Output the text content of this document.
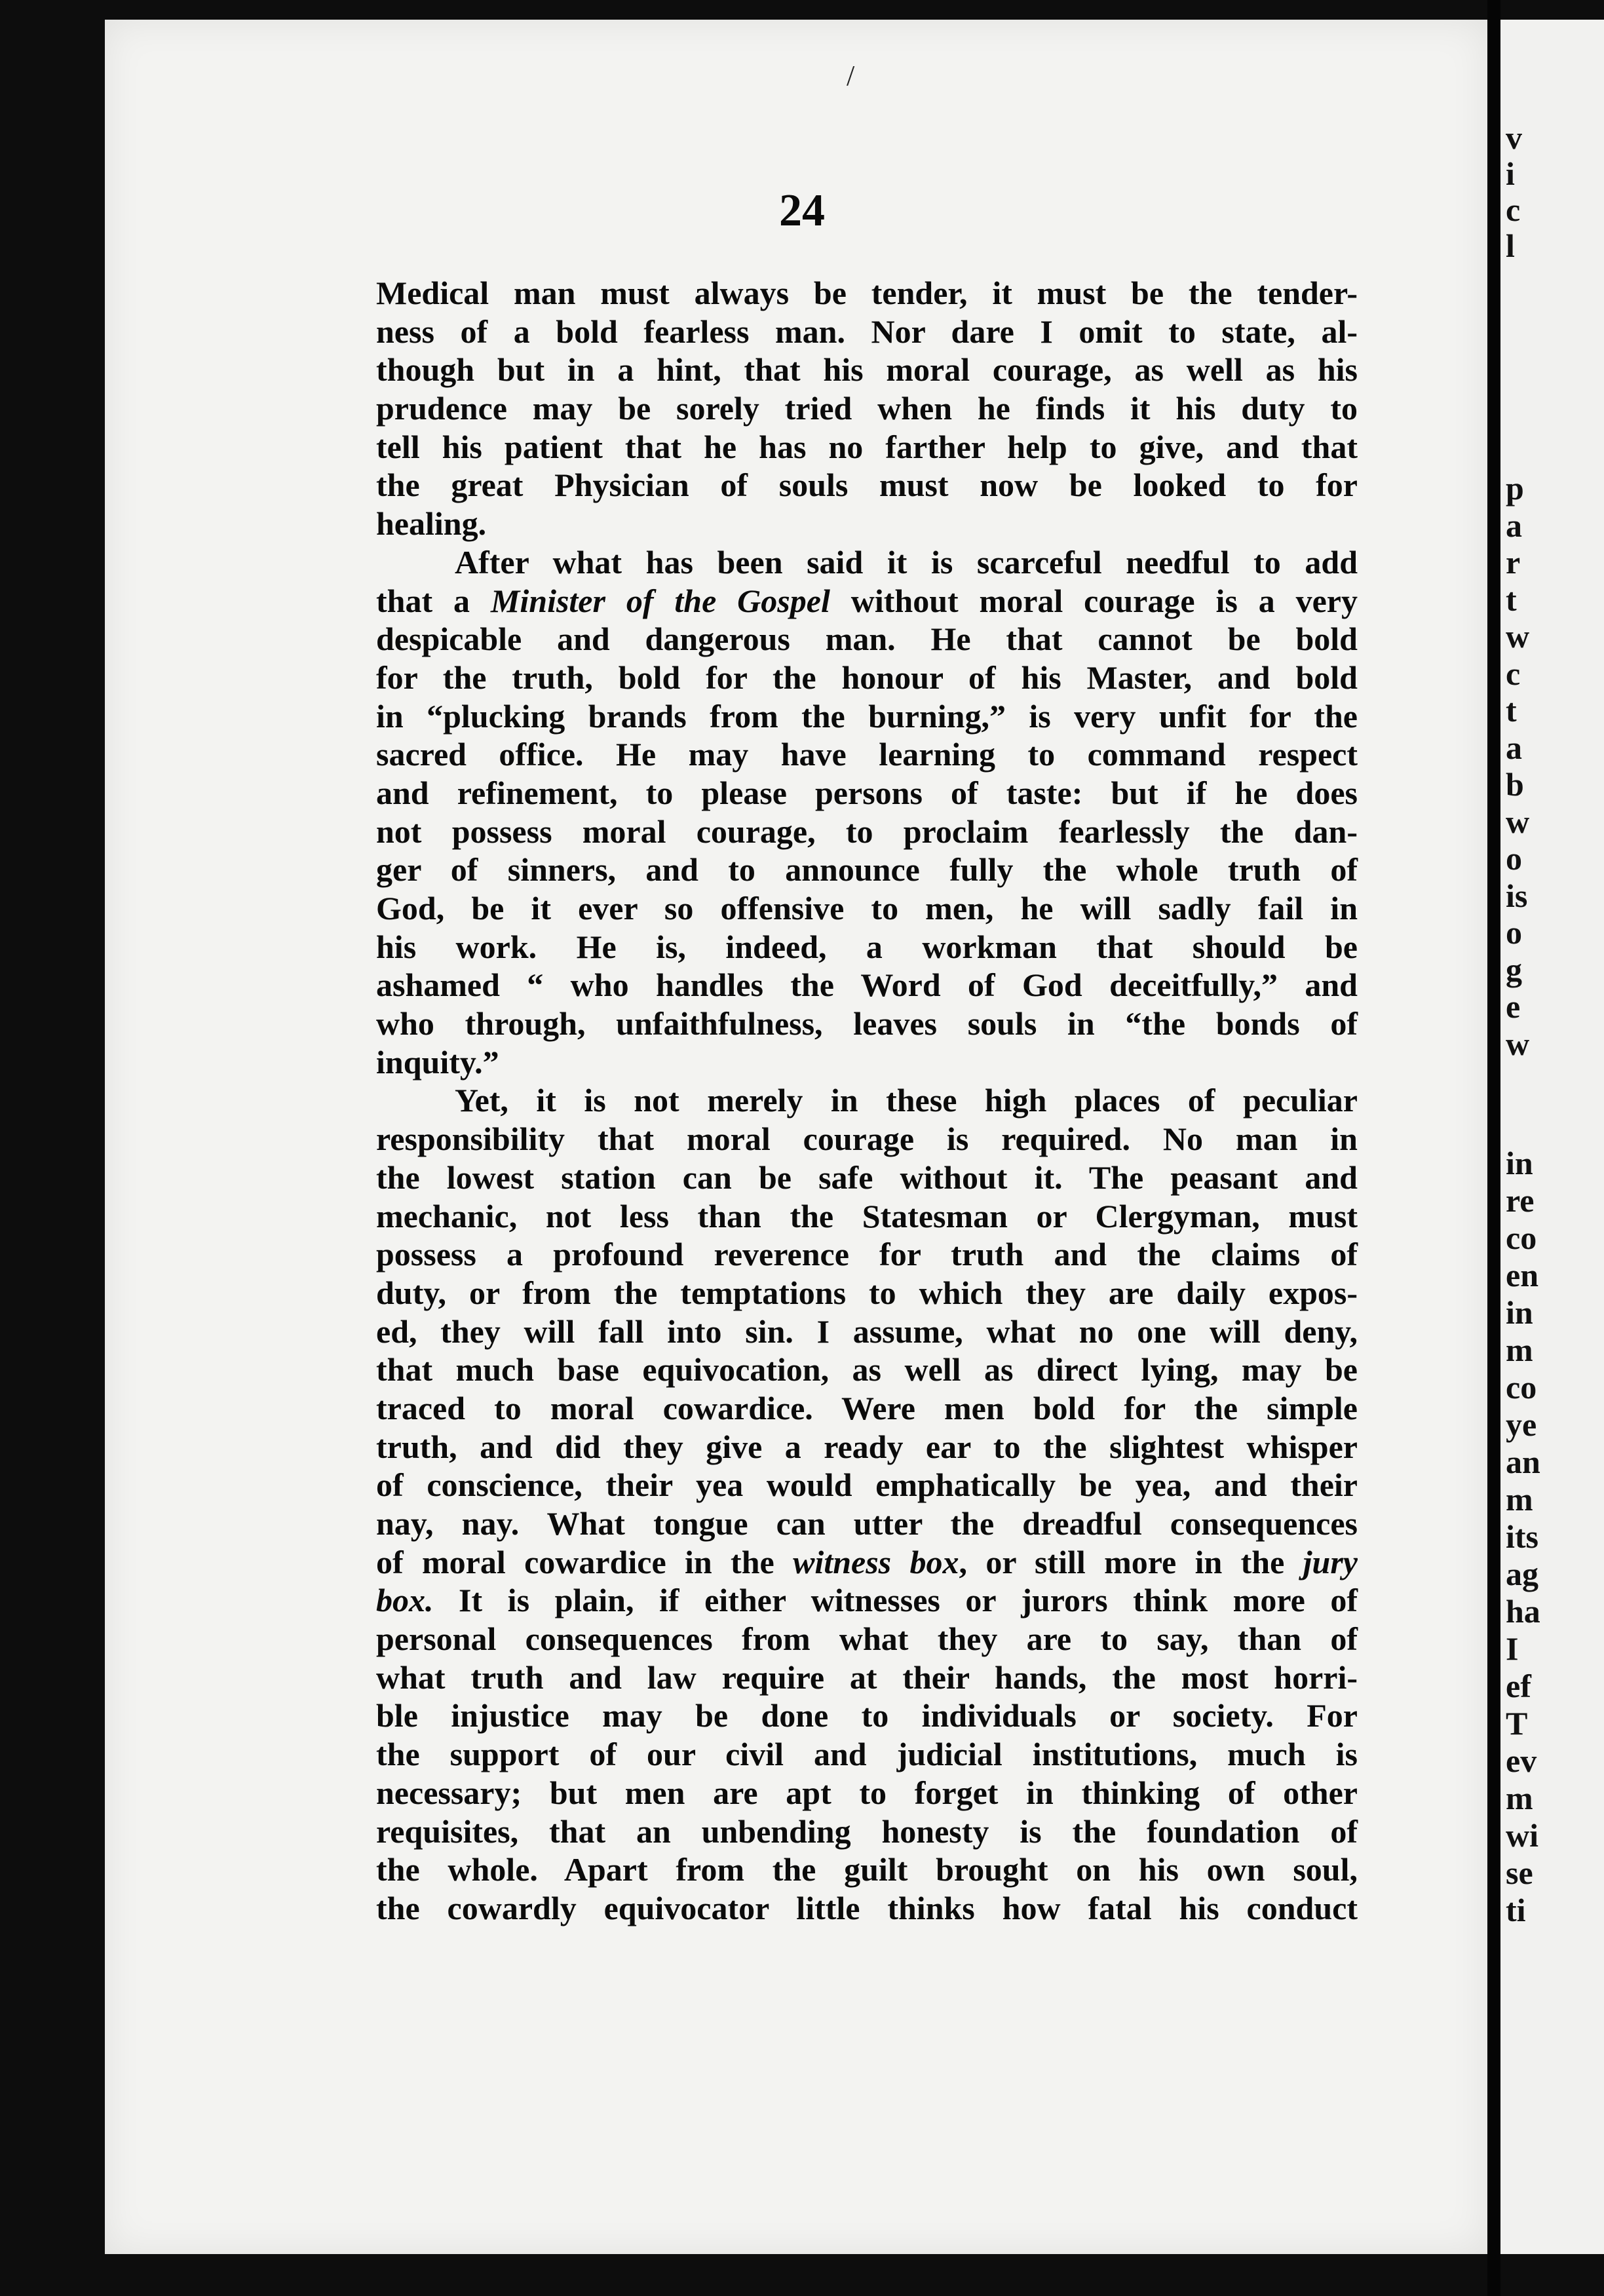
v
i
c
l
p
a
r
t
w
c
t
a
b
w
o
is
o
g
e
w
in
re
co
en
in
m
co
ye
an
m
its
ag
ha
I
ef
T
ev
m
wi
se
ti
/
24
Medical man must always be tender, it must be the tender-
ness of a bold fearless man. Nor dare I omit to state, al-
though but in a hint, that his moral courage, as well as his
prudence may be sorely tried when he finds it his duty to
tell his patient that he has no farther help to give, and that
the great Physician of souls must now be looked to for
healing.
After what has been said it is scarceful needful to add
that a Minister of the Gospel without moral courage is a very
despicable and dangerous man. He that cannot be bold
for the truth, bold for the honour of his Master, and bold
in “plucking brands from the burning,” is very unfit for the
sacred office. He may have learning to command respect
and refinement, to please persons of taste: but if he does
not possess moral courage, to proclaim fearlessly the dan-
ger of sinners, and to announce fully the whole truth of
God, be it ever so offensive to men, he will sadly fail in
his work. He is, indeed, a workman that should be
ashamed “ who handles the Word of God deceitfully,” and
who through, unfaithfulness, leaves souls in “the bonds of
inquity.”
Yet, it is not merely in these high places of peculiar
responsibility that moral courage is required. No man in
the lowest station can be safe without it. The peasant and
mechanic, not less than the Statesman or Clergyman, must
possess a profound reverence for truth and the claims of
duty, or from the temptations to which they are daily expos-
ed, they will fall into sin. I assume, what no one will deny,
that much base equivocation, as well as direct lying, may be
traced to moral cowardice. Were men bold for the simple
truth, and did they give a ready ear to the slightest whisper
of conscience, their yea would emphatically be yea, and their
nay, nay. What tongue can utter the dreadful consequences
of moral cowardice in the witness box, or still more in the jury
box. It is plain, if either witnesses or jurors think more of
personal consequences from what they are to say, than of
what truth and law require at their hands, the most horri-
ble injustice may be done to individuals or society. For
the support of our civil and judicial institutions, much is
necessary; but men are apt to forget in thinking of other
requisites, that an unbending honesty is the foundation of
the whole. Apart from the guilt brought on his own soul,
the cowardly equivocator little thinks how fatal his conduct
